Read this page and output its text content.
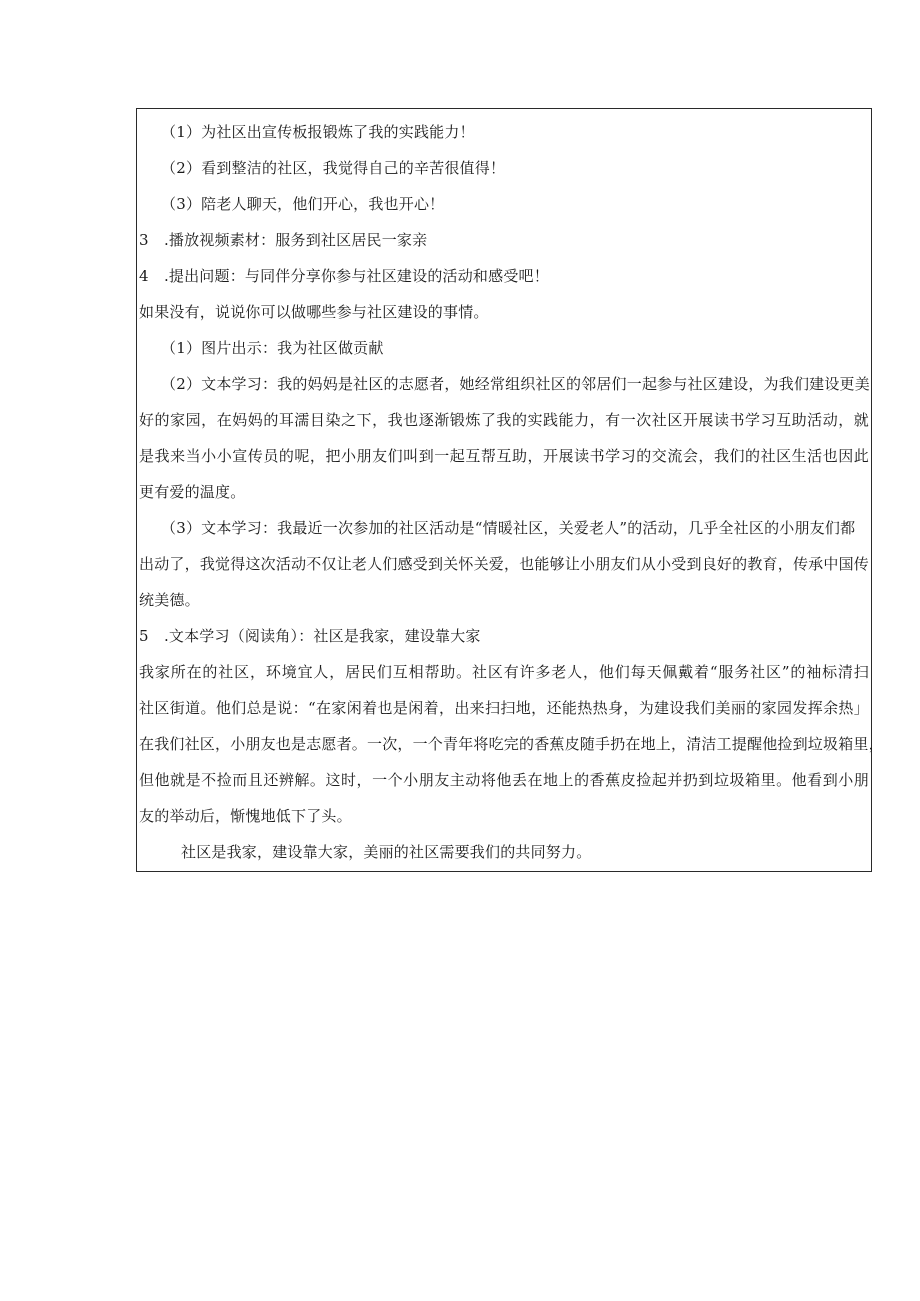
（1）为社区出宣传板报锻炼了我的实践能力！
（2）看到整洁的社区，我觉得自己的辛苦很值得！
（3）陪老人聊天，他们开心，我也开心！
3　.播放视频素材：服务到社区居民一家亲
4　.提出问题：与同伴分享你参与社区建设的活动和感受吧！
如果没有，说说你可以做哪些参与社区建设的事情。
（1）图片出示：我为社区做贡献
（2）文本学习：我的妈妈是社区的志愿者，她经常组织社区的邻居们一起参与社区建设，为我们建设更美
好的家园，在妈妈的耳濡目染之下，我也逐渐锻炼了我的实践能力，有一次社区开展读书学习互助活动，就
是我来当小小宣传员的呢，把小朋友们叫到一起互帮互助，开展读书学习的交流会，我们的社区生活也因此
更有爱的温度。
（3）文本学习：我最近一次参加的社区活动是“情暖社区，关爱老人”的活动，几乎全社区的小朋友们都
出动了，我觉得这次活动不仅让老人们感受到关怀关爱，也能够让小朋友们从小受到良好的教育，传承中国传
统美德。
5　.文本学习（阅读角）：社区是我家，建设靠大家
我家所在的社区，环境宜人，居民们互相帮助。社区有许多老人，他们每天佩戴着“服务社区”的袖标清扫
社区街道。他们总是说：“在家闲着也是闲着，出来扫扫地，还能热热身，为建设我们美丽的家园发挥余热」
在我们社区，小朋友也是志愿者。一次，一个青年将吃完的香蕉皮随手扔在地上，清洁工提醒他捡到垃圾箱里，
但他就是不捡而且还辨解。这时，一个小朋友主动将他丢在地上的香蕉皮捡起并扔到垃圾箱里。他看到小朋
友的举动后，惭愧地低下了头。
社区是我家，建设靠大家，美丽的社区需要我们的共同努力。
